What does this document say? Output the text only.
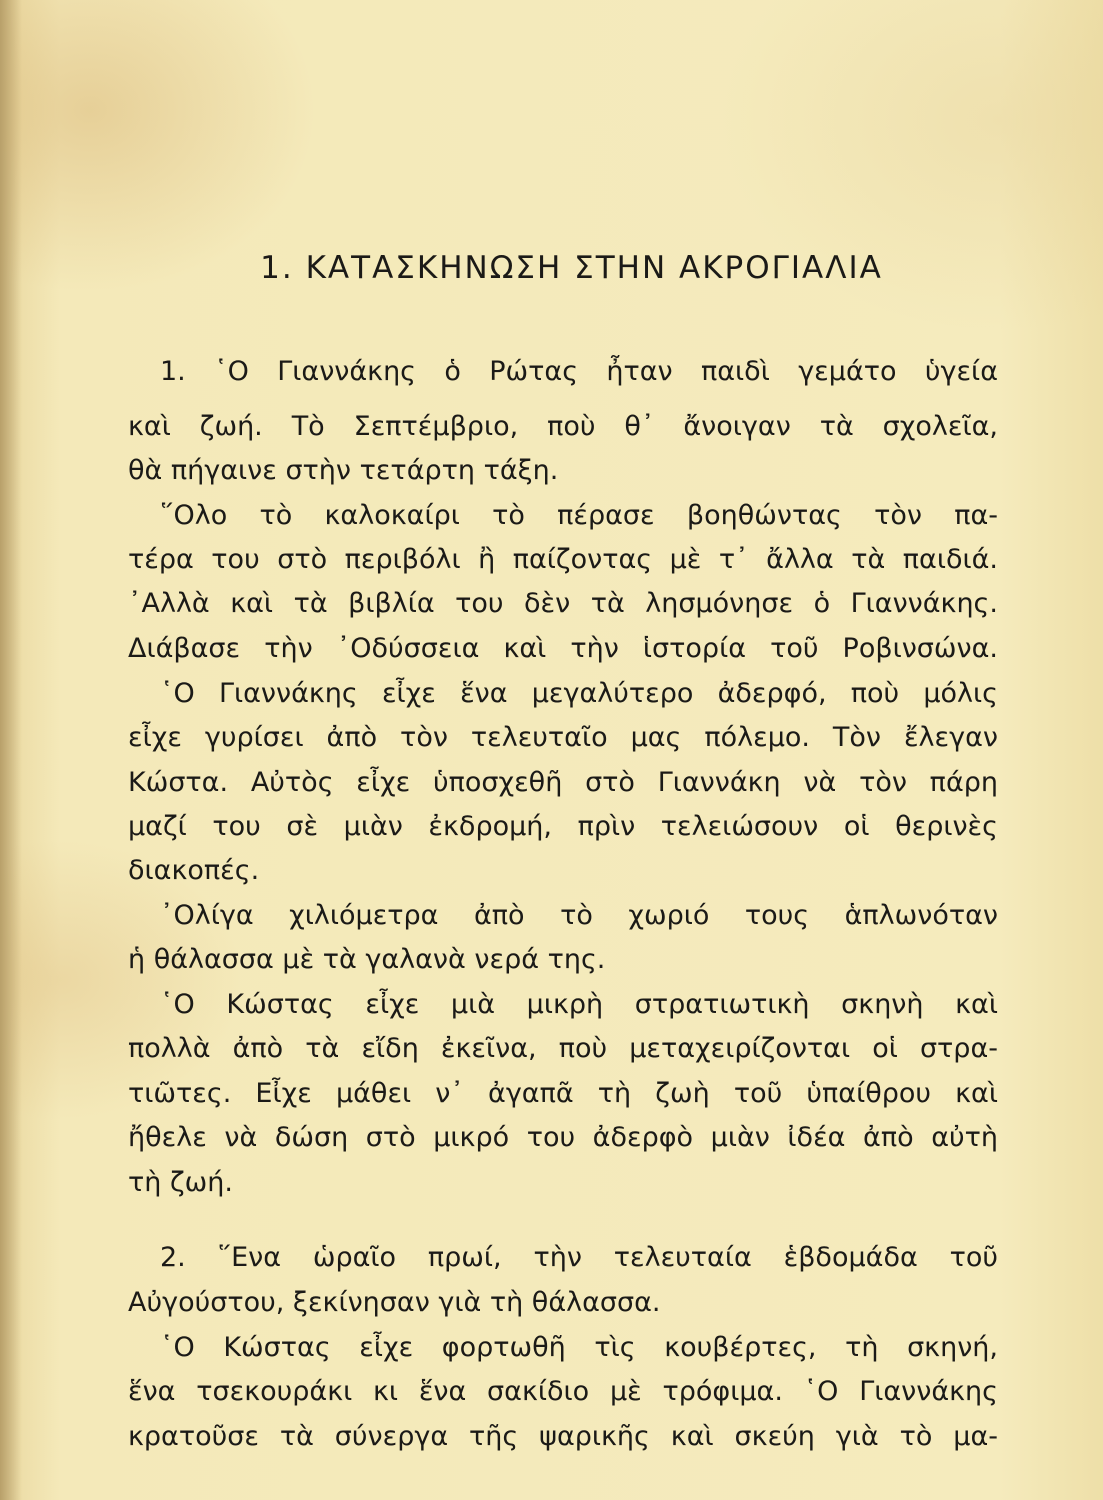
1. ΚΑΤΑΣΚΗΝΩΣΗ ΣΤΗΝ ΑΚΡΟΓΙΑΛΙΑ
1. ῾Ο Γιαννάκης ὁ Ρώτας ἦταν παιδὶ γεμάτο ὑγεία
καὶ ζωή. Τὸ Σεπτέμβριο, ποὺ θ᾽ ἄνοιγαν τὰ σχολεῖα,
θὰ πήγαινε στὴν τετάρτη τάξη.
῞Ολο τὸ καλοκαίρι τὸ πέρασε βοηθώντας τὸν πα-
τέρα του στὸ περιβόλι ἢ παίζοντας μὲ τ᾽ ἄλλα τὰ παιδιά.
᾽Αλλὰ καὶ τὰ βιβλία του δὲν τὰ λησμόνησε ὁ Γιαννάκης.
Διάβασε τὴν ᾽Οδύσσεια καὶ τὴν ἱστορία τοῦ Ροβινσώνα.
῾Ο Γιαννάκης εἶχε ἕνα μεγαλύτερο ἀδερφό, ποὺ μόλις
εἶχε γυρίσει ἀπὸ τὸν τελευταῖο μας πόλεμο. Τὸν ἔλεγαν
Κώστα. Αὐτὸς εἶχε ὑποσχεθῆ στὸ Γιαννάκη νὰ τὸν πάρη
μαζί του σὲ μιὰν ἐκδρομή, πρὶν τελειώσουν οἱ θερινὲς
διακοπές.
᾽Ολίγα χιλιόμετρα ἀπὸ τὸ χωριό τους ἁπλωνόταν
ἡ θάλασσα μὲ τὰ γαλανὰ νερά της.
῾Ο Κώστας εἶχε μιὰ μικρὴ στρατιωτικὴ σκηνὴ καὶ
πολλὰ ἀπὸ τὰ εἴδη ἐκεῖνα, ποὺ μεταχειρίζονται οἱ στρα-
τιῶτες. Εἶχε μάθει ν᾽ ἀγαπᾶ τὴ ζωὴ τοῦ ὑπαίθρου καὶ
ἤθελε νὰ δώση στὸ μικρό του ἀδερφὸ μιὰν ἰδέα ἀπὸ αὐτὴ
τὴ ζωή.
2. ῞Ενα ὡραῖο πρωί, τὴν τελευταία ἑβδομάδα τοῦ
Αὐγούστου, ξεκίνησαν γιὰ τὴ θάλασσα.
῾Ο Κώστας εἶχε φορτωθῆ τὶς κουβέρτες, τὴ σκηνή,
ἕνα τσεκουράκι κι ἕνα σακίδιο μὲ τρόφιμα. ῾Ο Γιαννάκης
κρατοῦσε τὰ σύνεργα τῆς ψαρικῆς καὶ σκεύη γιὰ τὸ μα-
